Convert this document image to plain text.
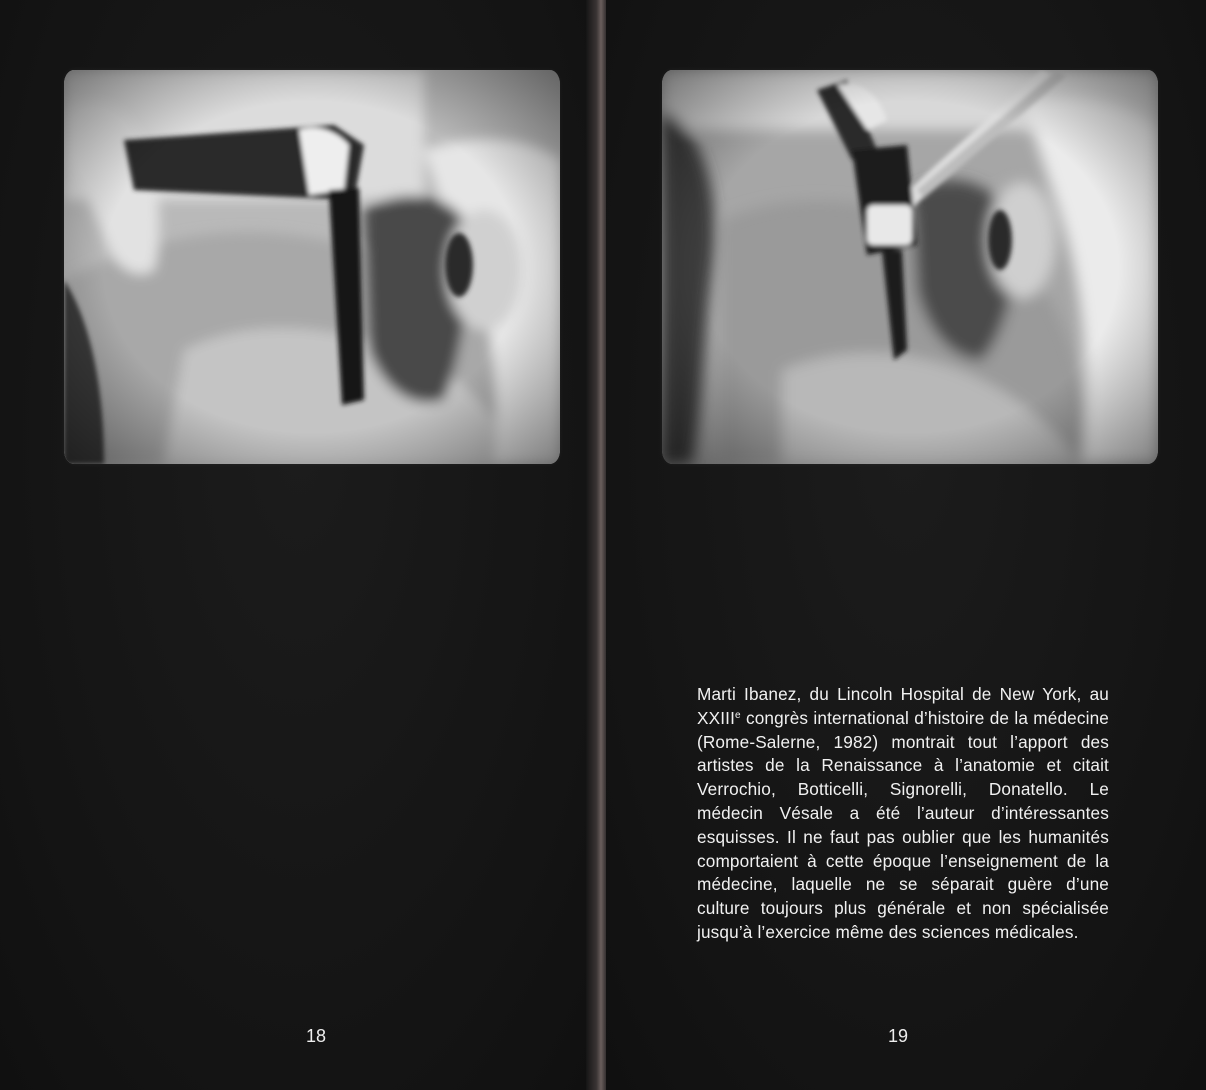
18
Marti Ibanez, du Lincoln Hospital de New York, au XXIIIe congrès international d’histoire de la médecine (Rome-Salerne, 1982) montrait tout l’apport des artistes de la Renaissance à l’anatomie et citait Verrochio, Botticelli, Signorelli, Donatello. Le médecin Vésale a été l’auteur d’intéressantes esquisses. Il ne faut pas oublier que les humanités comportaient à cette époque l’enseignement de la médecine, laquelle ne se séparait guère d’une culture toujours plus générale et non spécialisée jusqu’à l’exercice même des sciences médicales.
19
